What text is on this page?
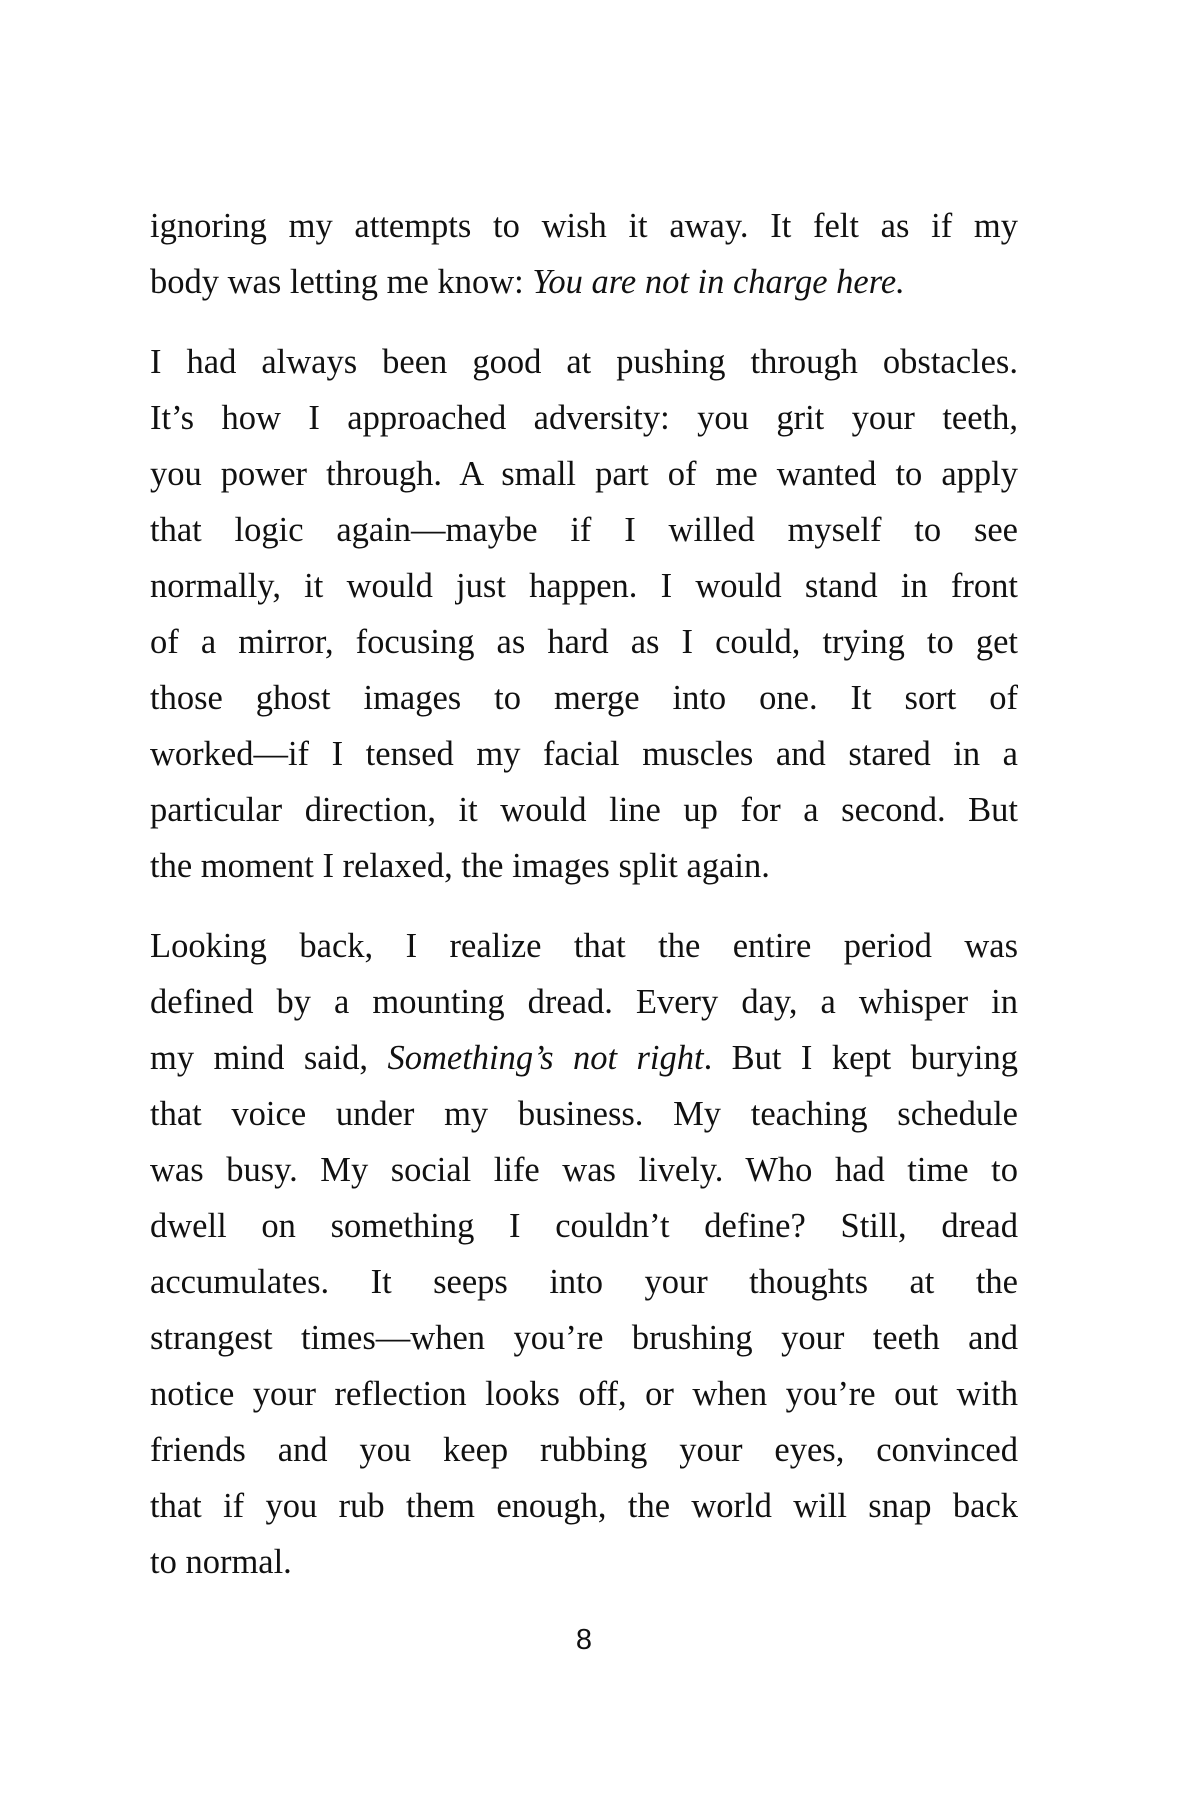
ignoring my attempts to wish it away. It felt as if my
body was letting me know: You are not in charge here.
I had always been good at pushing through obstacles.
It’s how I approached adversity: you grit your teeth,
you power through. A small part of me wanted to apply
that logic again—maybe if I willed myself to see
normally, it would just happen. I would stand in front
of a mirror, focusing as hard as I could, trying to get
those ghost images to merge into one. It sort of
worked—if I tensed my facial muscles and stared in a
particular direction, it would line up for a second. But
the moment I relaxed, the images split again.
Looking back, I realize that the entire period was
defined by a mounting dread. Every day, a whisper in
my mind said, Something’s not right. But I kept burying
that voice under my business. My teaching schedule
was busy. My social life was lively. Who had time to
dwell on something I couldn’t define? Still, dread
accumulates. It seeps into your thoughts at the
strangest times—when you’re brushing your teeth and
notice your reflection looks off, or when you’re out with
friends and you keep rubbing your eyes, convinced
that if you rub them enough, the world will snap back
to normal.
8
